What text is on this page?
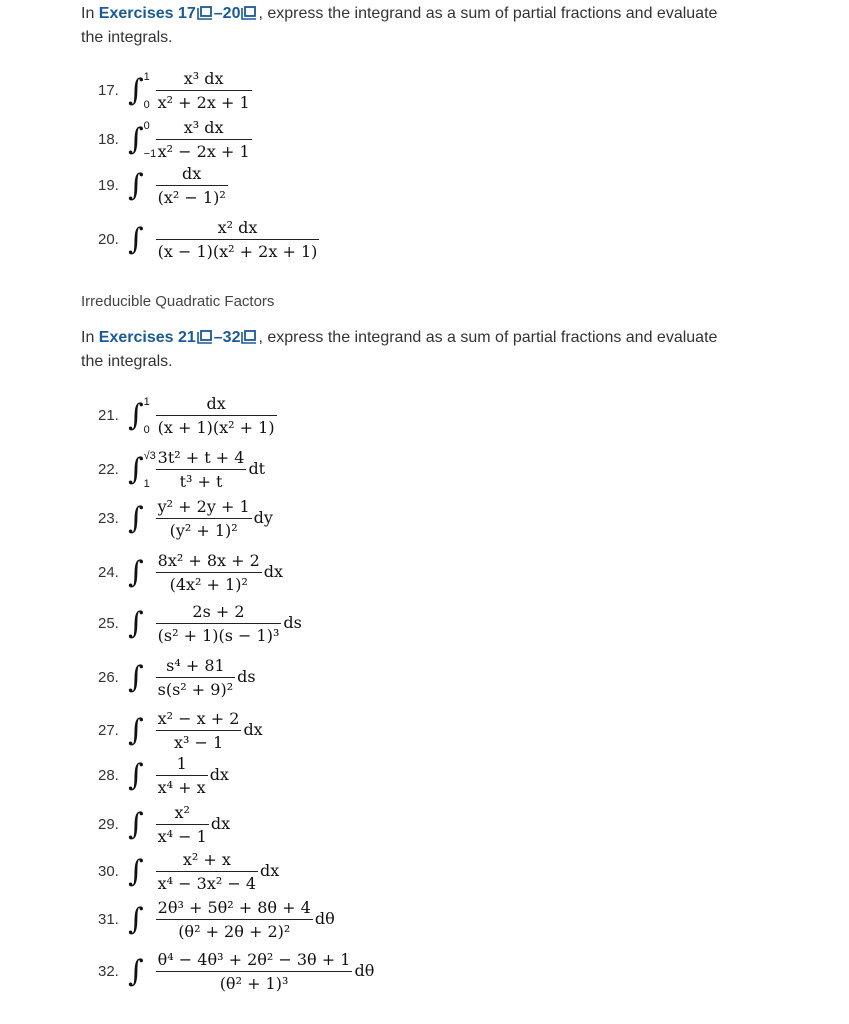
In Exercises 17 –20 , express the integrand as a sum of partial fractions and evaluate
the integrals.
17. ∫ 1
$0 \frac{\text{x³ dx}}{\text{x² + 2x + 1}}$
18. ∫ 0
$-1 \frac{\text{x³ dx}}{\text{x² − 2x + 1}}$
19. ∫ $\frac{dx}{\text{(x² − 1)²}}$
20. ∫ $\frac{\text{x² dx}}{\text{(x − 1)(x² + 2x + 1)}}$
Irreducible Quadratic Factors
In Exercises 21 –32 , express the integrand as a sum of partial fractions and evaluate
the integrals.
21. ∫ 1
$0 \frac{dx}{\text{(x + 1)(x² + 1)}}$
22. ∫ √3
$1 \frac{\text{3t² + t + 4}}{\text{t³ + t}}$ dt
23. ∫ $\frac{\text{y² + 2y + 1}}{\text{(y² + 1)²}}$ dy
24. ∫ $\frac{\text{8x² + 8x + 2}}{\text{(4x² + 1)²}}$ dx
25. ∫ $\frac{2s + 2}{\text{(s² + 1)(s − 1)³}}$ ds
26. ∫ $\frac{\text{s⁴ + 81}}{\text{s(s² + 9)²}}$ ds
27. ∫ $\frac{\text{x² − x + 2}}{\text{x³ − 1}}$ dx
28. ∫ $\frac{1}{\text{x⁴ + x}}$ dx
29. ∫ $\frac{\text{x²}}{\text{x⁴ − 1}}$ dx
30. ∫ $\frac{\text{x² + x}}{\text{x⁴ − 3x² − 4}}$ dx
31. ∫ $\frac{\text{2θ³ + 5θ² + 8θ + 4}}{\text{(θ² + 2θ + 2)²}}$ dθ
32. ∫ $\frac{\text{θ⁴ − 4θ³ + 2θ² − 3θ + 1}}{\text{(θ² + 1)³}}$ dθ
